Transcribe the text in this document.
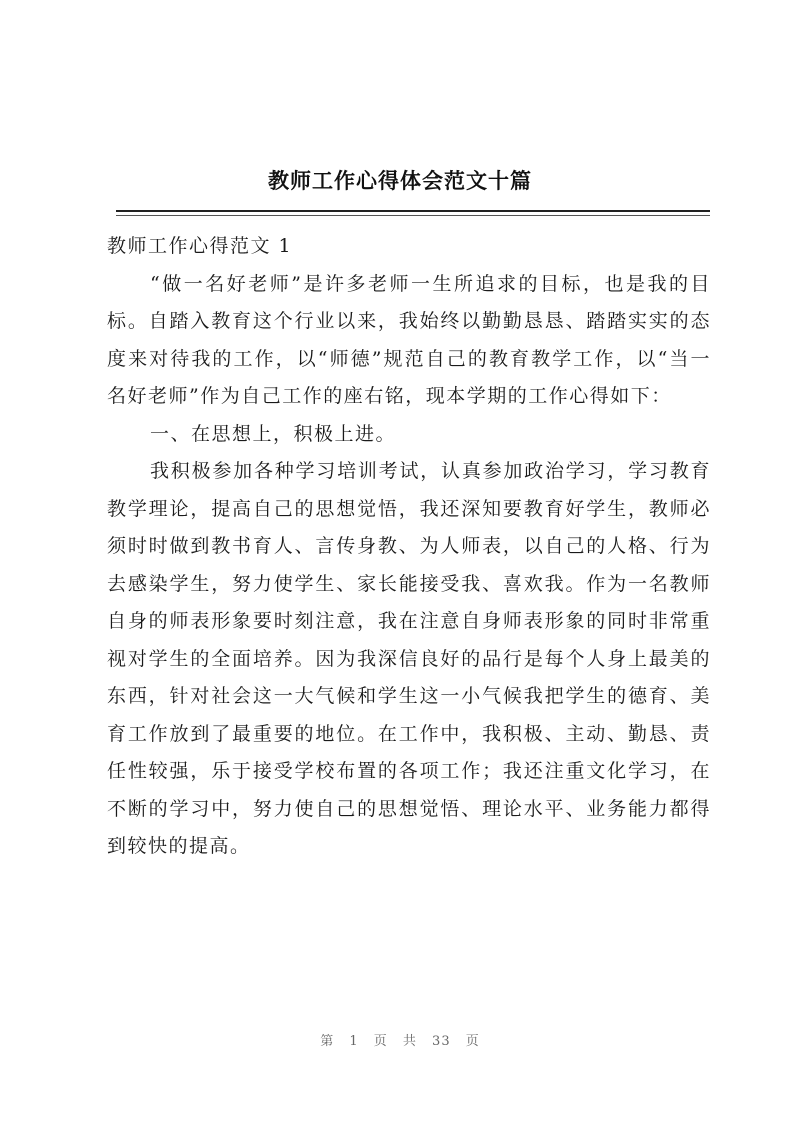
教师工作心得体会范文十篇

教师工作心得范文 1

“做一名好老师”是许多老师一生所追求的目标，也是我的目标。自踏入教育这个行业以来，我始终以勤勤恳恳、踏踏实实的态度来对待我的工作，以“师德”规范自己的教育教学工作，以“当一名好老师”作为自己工作的座右铭，现本学期的工作心得如下：

一、在思想上，积极上进。

我积极参加各种学习培训考试，认真参加政治学习，学习教育教学理论，提高自己的思想觉悟，我还深知要教育好学生，教师必须时时做到教书育人、言传身教、为人师表，以自己的人格、行为去感染学生，努力使学生、家长能接受我、喜欢我。作为一名教师自身的师表形象要时刻注意，我在注意自身师表形象的同时非常重视对学生的全面培养。因为我深信良好的品行是每个人身上最美的东西，针对社会这一大气候和学生这一小气候我把学生的德育、美育工作放到了最重要的地位。在工作中，我积极、主动、勤恳、责任性较强，乐于接受学校布置的各项工作；我还注重文化学习，在不断的学习中，努力使自己的思想觉悟、理论水平、业务能力都得到较快的提高。

第 1 页 共 33 页
